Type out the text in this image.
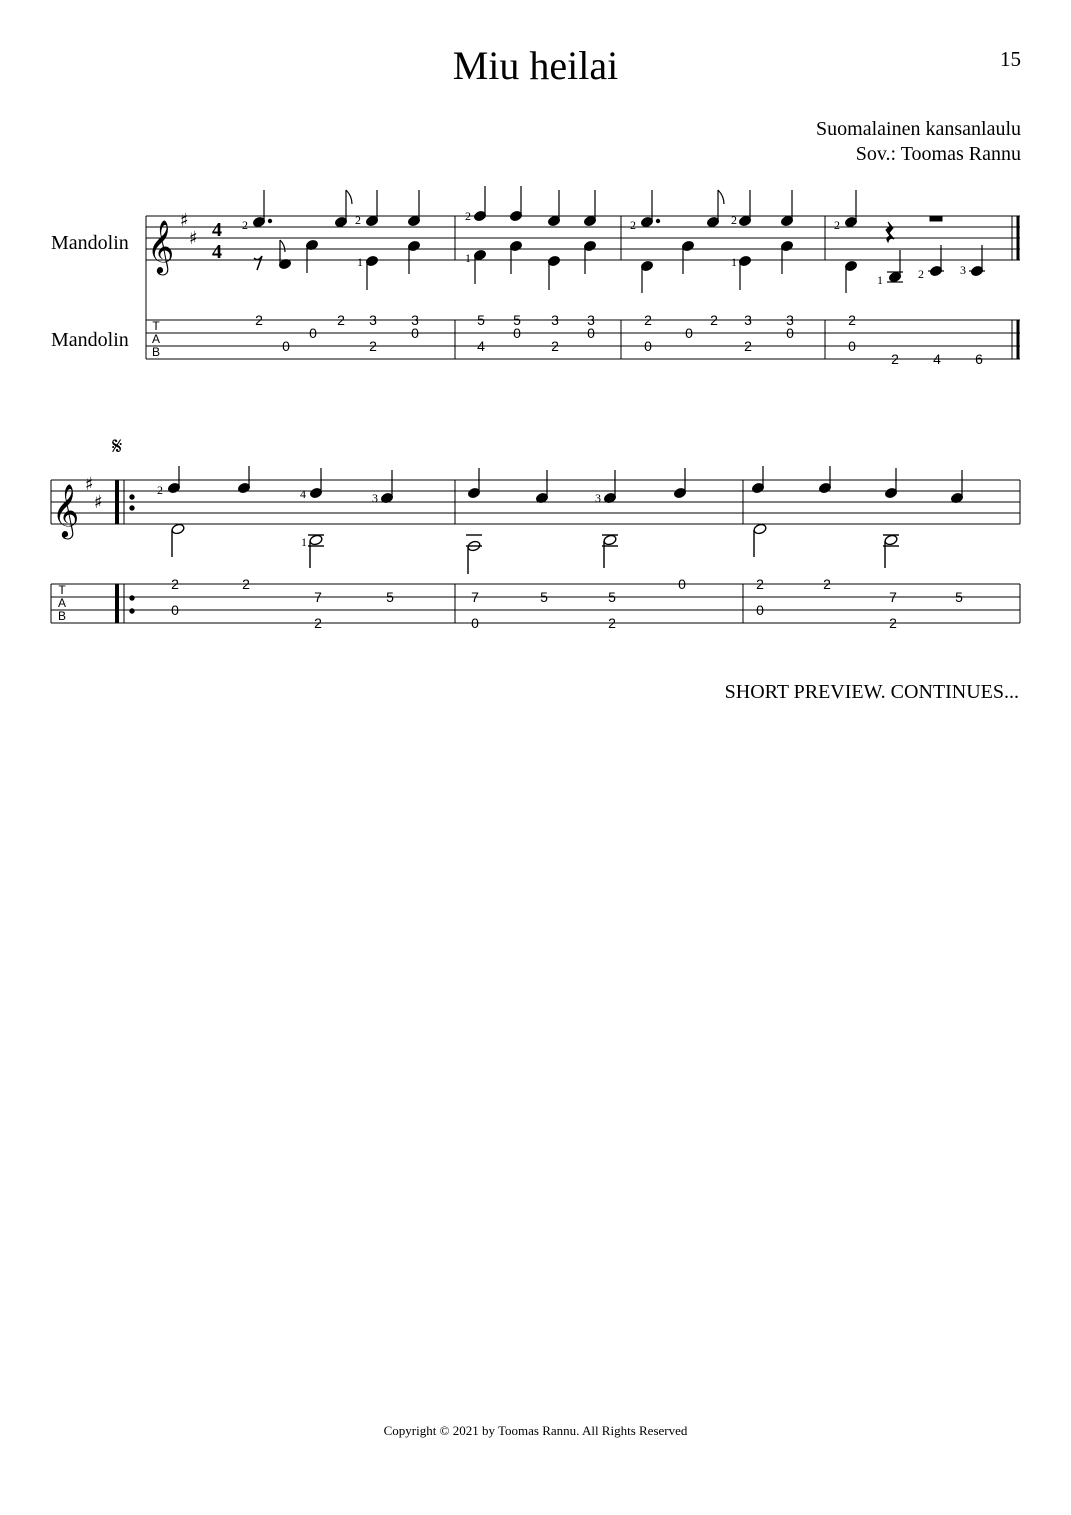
Miu heilai	15
Suomalainen kansanlaulu
Sov.: Toomas Rannu
Mandolin
Mandolin
𝄞 ♯
♯ 4
4
T
A
B
2	2
1
2
1
2	2
1
2
1	2	3
2
0
0
2 3
2
3
0
5
4
5
0
3
2
3
0
2
0
0
2 3
2
3
0
2
0
2 4 6
𝄋
𝄞 ♯
♯
T
A
B
2	4
1
3	3
2
0
2
7
2
5	7
0
5	5
2
0	2
0
2
7
2
5
SHORT PREVIEW. CONTINUES...
Copyright © 2021 by Toomas Rannu. All Rights Reserved
